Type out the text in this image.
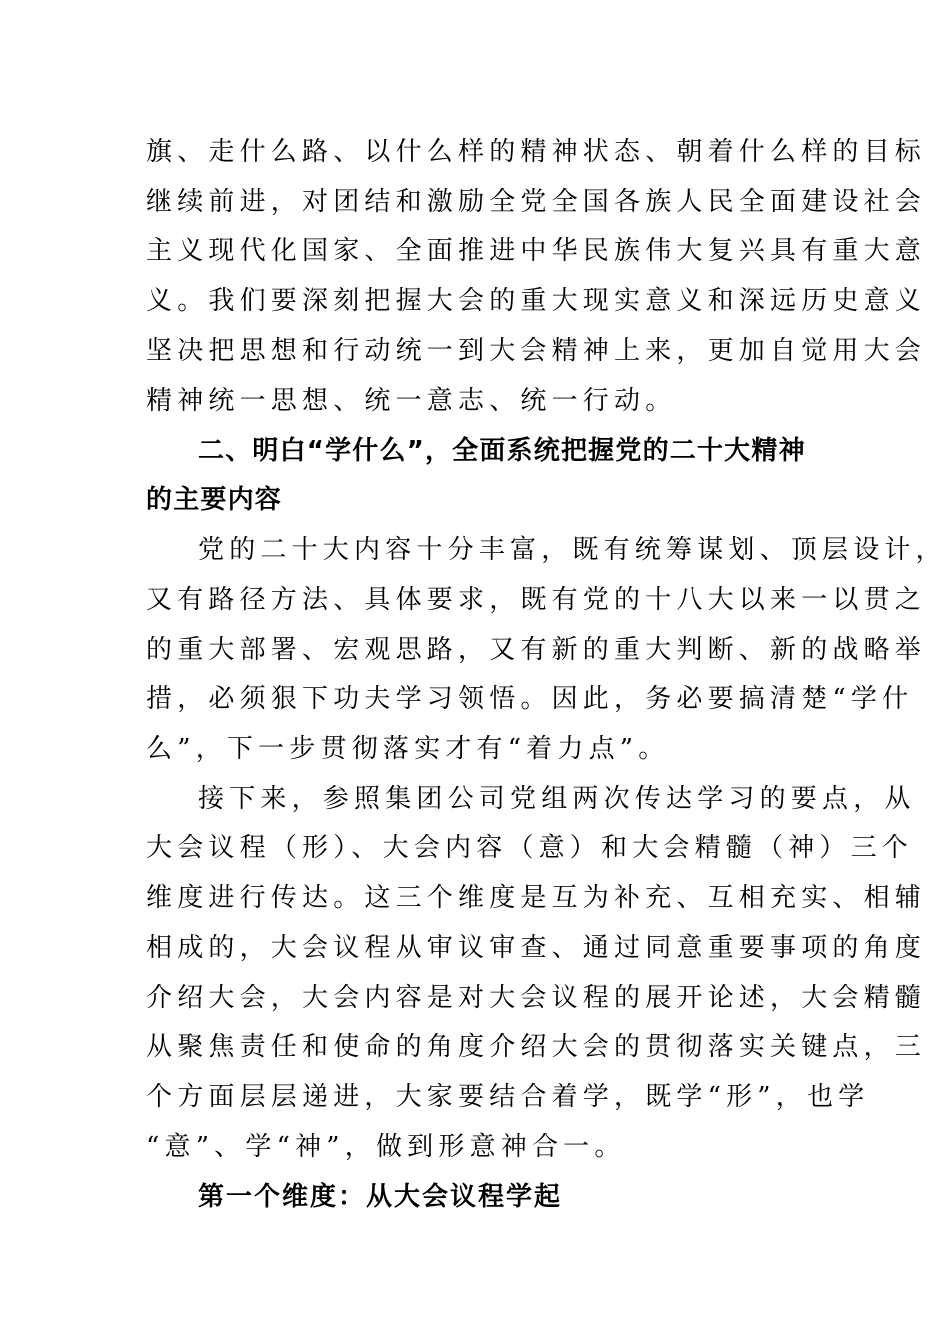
旗、走什么路、以什么样的精神状态、朝着什么样的目标
继续前进，对团结和激励全党全国各族人民全面建设社会
主义现代化国家、全面推进中华民族伟大复兴具有重大意
义。我们要深刻把握大会的重大现实意义和深远历史意义
坚决把思想和行动统一到大会精神上来，更加自觉用大会
精神统一思想、统一意志、统一行动。
二、明白“学什么”，全面系统把握党的二十大精神
的主要内容
党的二十大内容十分丰富，既有统筹谋划、顶层设计，
又有路径方法、具体要求，既有党的十八大以来一以贯之
的重大部署、宏观思路，又有新的重大判断、新的战略举
措，必须狠下功夫学习领悟。因此，务必要搞清楚“学什
么”，下一步贯彻落实才有“着力点”。
接下来，参照集团公司党组两次传达学习的要点，从
大会议程（形）、大会内容（意）和大会精髓（神）三个
维度进行传达。这三个维度是互为补充、互相充实、相辅
相成的，大会议程从审议审查、通过同意重要事项的角度
介绍大会，大会内容是对大会议程的展开论述，大会精髓
从聚焦责任和使命的角度介绍大会的贯彻落实关键点，三
个方面层层递进，大家要结合着学，既学“形”，也学
“意”、学“神”，做到形意神合一。
第一个维度：从大会议程学起
